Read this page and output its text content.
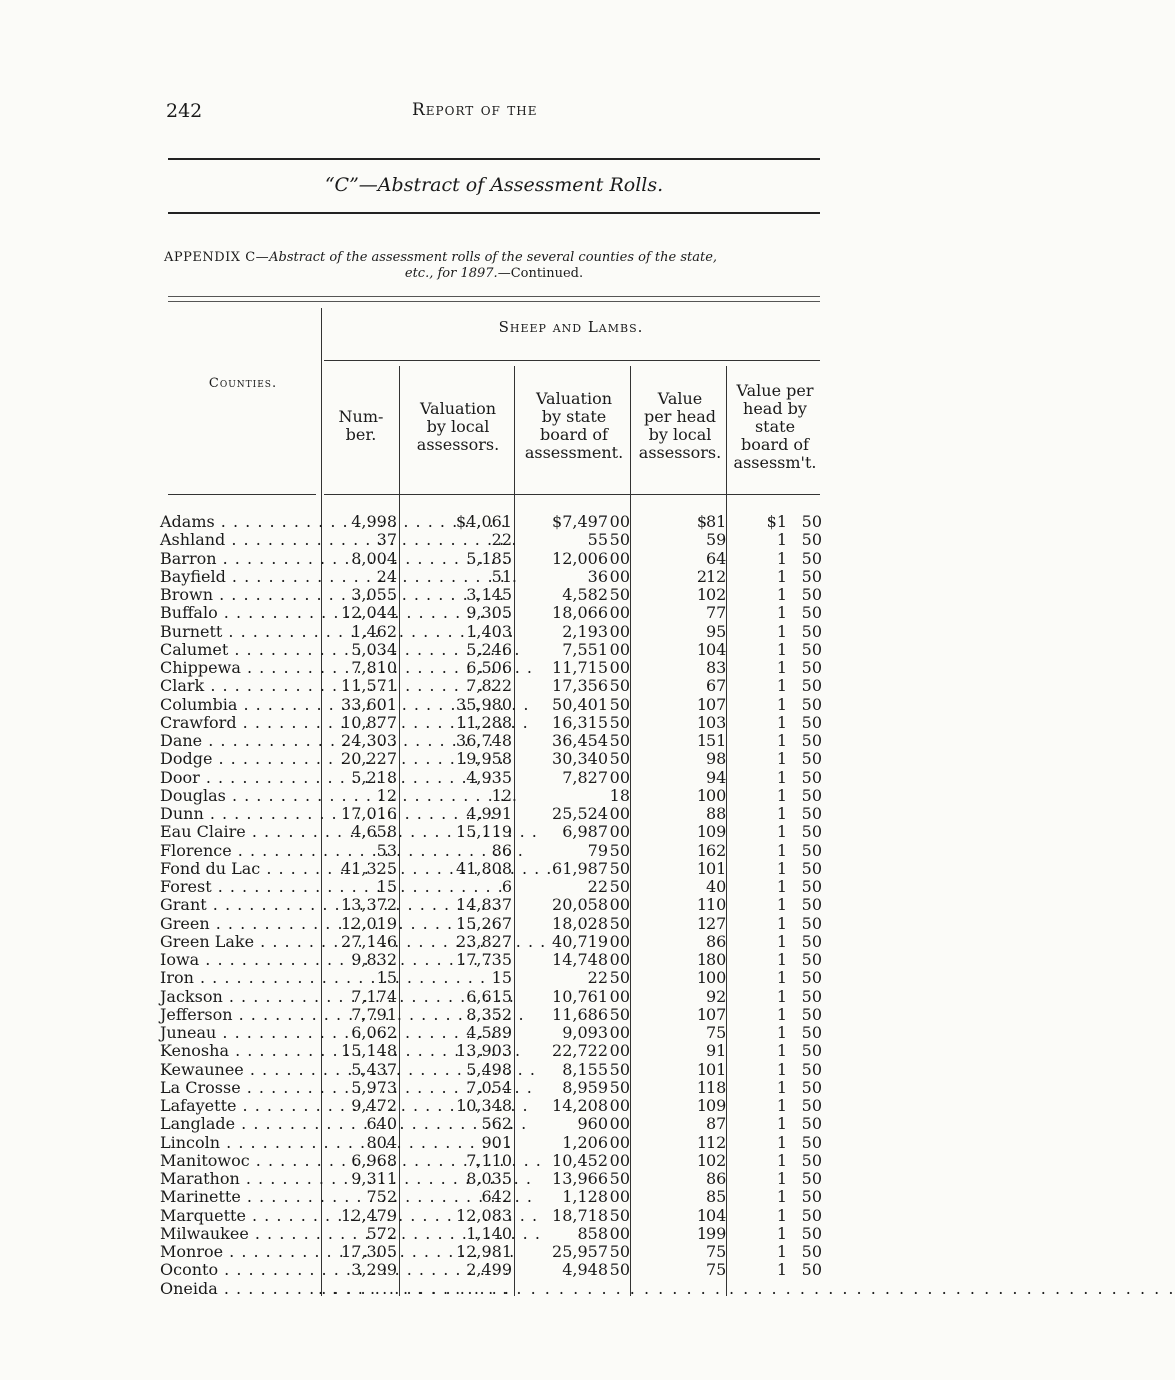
242	Report of the
“C”—Abstract of Assessment Rolls.
APPENDIX C—Abstract of the assessment rolls of the several counties of the state,
etc., for 1897.—Continued.
Sheep and Lambs.
Counties.
Num-
ber.
Valuation
by local
assessors.
Valuation
by state
board of
assessment.
Value
per head
by local
assessors.
Value per
head by
state
board of
assessm't.
Adams . . .	4,998	$4,061	$7,497 00	$ 81	$1 50
Ashland . . .	37	22	55 50	59	1 50
Barron . . .	8,004	5,185	12,006 00	64	1 50
Bayfield . . .	24	51	36 00	2 12	1 50
Brown . . .	3,055	3,145	4,582 50	1 02	1 50
Buffalo . . .	12,044	9,305	18,066 00	77	1 50
Burnett . . .	1,462	1,403	2,193 00	95	1 50
Calumet . . .	5,034	5,246	7,551 00	1 04	1 50
Chippewa . . .	7,810	6,506	11,715 00	83	1 50
Clark . . .	11,571	7,822	17,356 50	67	1 50
Columbia . . .	33,601	35,980	50,401 50	1 07	1 50
Crawford . . .	10,877	11,288	16,315 50	1 03	1 50
Dane . . .	24,303	36,748	36,454 50	1 51	1 50
Dodge . . .	20,227	19,958	30,340 50	98	1 50
Door . . .	5,218	4,935	7,827 00	94	1 50
Douglas . . .	12	12	18	1 00	1 50
Dunn . . .	17,016	4,991	25,524 00	88	1 50
Eau Claire . . .	4,658	15,119	6,987 00	1 09	1 50
Florence . . .	53	86	79 50	1 62	1 50
Fond du Lac . . .	41,325	41,808	61,987 50	1 01	1 50
Forest . . .	15	6	22 50	40	1 50
Grant . . .	13,372	14,837	20,058 00	1 10	1 50
Green . . .	12,019	15,267	18,028 50	1 27	1 50
Green Lake . . .	27,146	23,827	40,719 00	86	1 50
Iowa . . .	9,832	17,735	14,748 00	1 80	1 50
Iron . . .	15	15	22 50	1 00	1 50
Jackson . . .	7,174	6,615	10,761 00	92	1 50
Jefferson . . .	7,791	8,352	11,686 50	1 07	1 50
Juneau . . .	6,062	4,589	9,093 00	75	1 50
Kenosha . . .	15,148	13,903	22,722 00	91	1 50
Kewaunee . . .	5,437	5,498	8,155 50	1 01	1 50
La Crosse . . .	5,973	7,054	8,959 50	1 18	1 50
Lafayette . . .	9,472	10,348	14,208 00	1 09	1 50
Langlade . . .	640	562	960 00	87	1 50
Lincoln . . .	804	901	1,206 00	1 12	1 50
Manitowoc . . .	6,968	7,110	10,452 00	1 02	1 50
Marathon . . .	9,311	8,035	13,966 50	86	1 50
Marinette . . .	752	642	1,128 00	85	1 50
Marquette . . .	12,479	12,083	18,718 50	1 04	1 50
Milwaukee . . .	572	1,140	858 00	1 99	1 50
Monroe . . .	17,305	12,981	25,957 50	75	1 50
Oconto . . .	3,299	2,499	4,948 50	75	1 50
Oneida . . .	. . . . . . . . . . . . . . . . . . . . . . . . . . . . . . . . . . . . . . . . . . . . . . . . . . . . . . . . . . . . .
